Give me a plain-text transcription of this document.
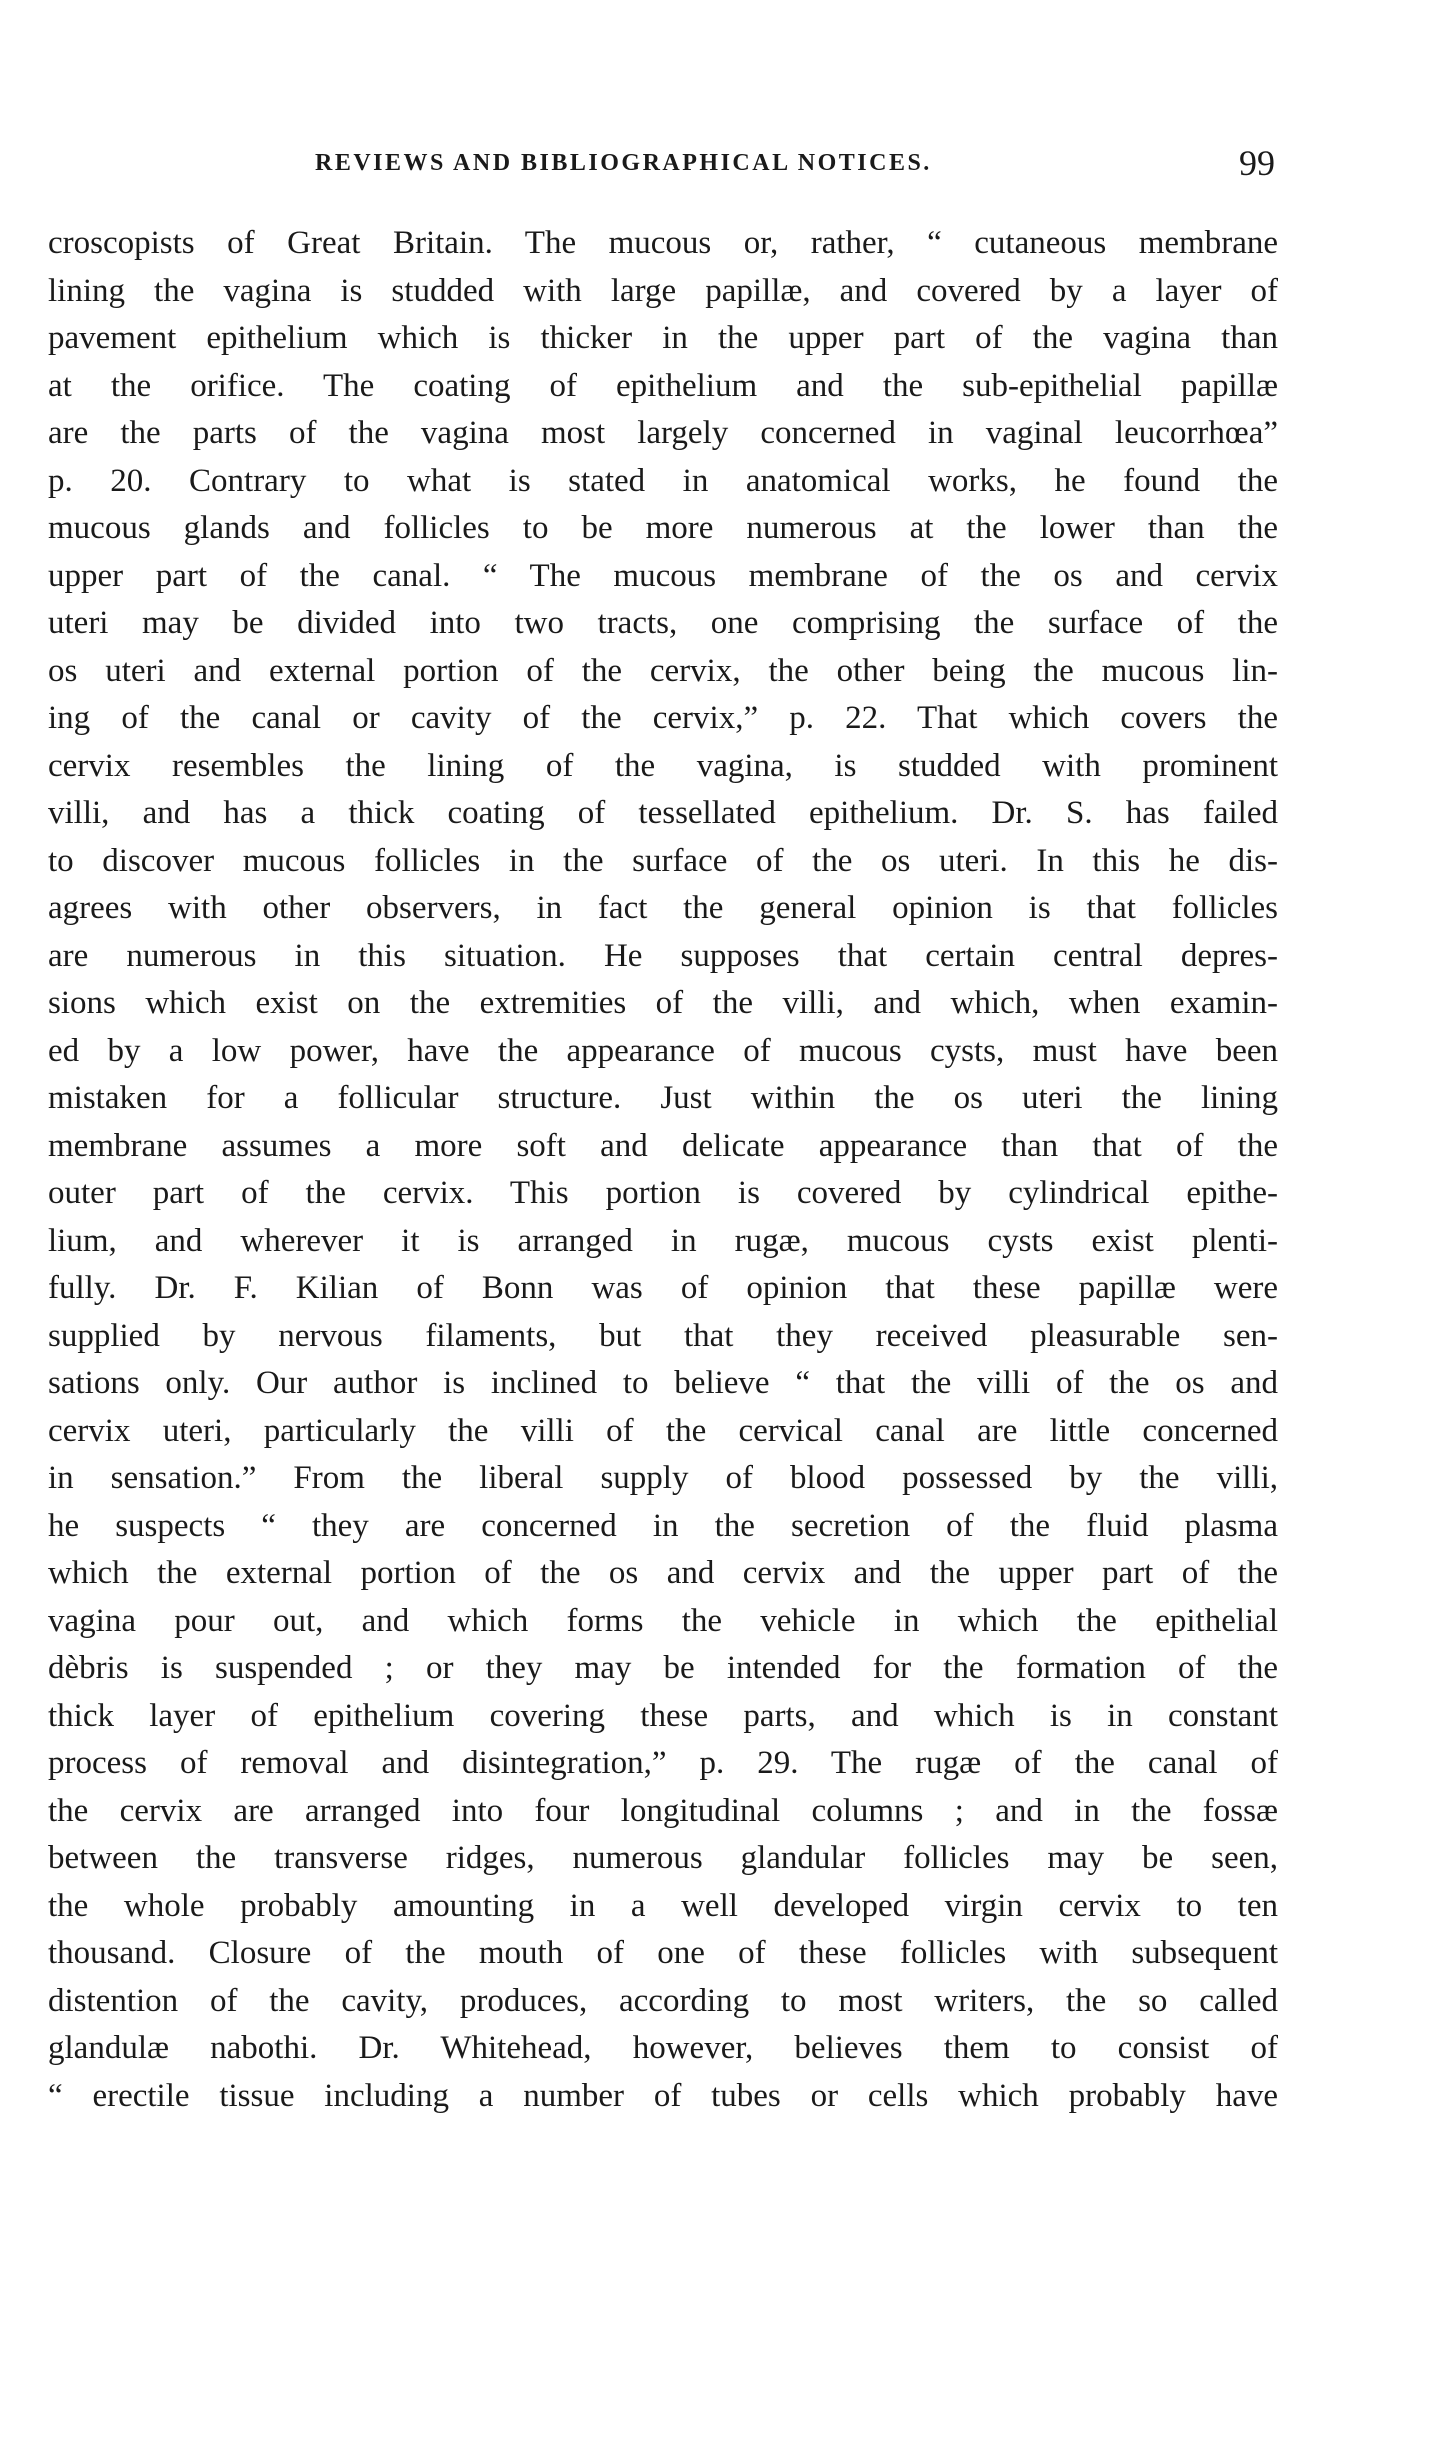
REVIEWS AND BIBLIOGRAPHICAL NOTICES.	99
croscopists of Great Britain. The mucous or, rather, “ cutaneous membrane
lining the vagina is studded with large papillæ, and covered by a layer of
pavement epithelium which is thicker in the upper part of the vagina than
at the orifice. The coating of epithelium and the sub-epithelial papillæ
are the parts of the vagina most largely concerned in vaginal leucorrhœa”
p. 20. Contrary to what is stated in anatomical works, he found the
mucous glands and follicles to be more numerous at the lower than the
upper part of the canal. “ The mucous membrane of the os and cervix
uteri may be divided into two tracts, one comprising the surface of the
os uteri and external portion of the cervix, the other being the mucous lin-
ing of the canal or cavity of the cervix,” p. 22. That which covers the
cervix resembles the lining of the vagina, is studded with prominent
villi, and has a thick coating of tessellated epithelium. Dr. S. has failed
to discover mucous follicles in the surface of the os uteri. In this he dis-
agrees with other observers, in fact the general opinion is that follicles
are numerous in this situation. He supposes that certain central depres-
sions which exist on the extremities of the villi, and which, when examin-
ed by a low power, have the appearance of mucous cysts, must have been
mistaken for a follicular structure. Just within the os uteri the lining
membrane assumes a more soft and delicate appearance than that of the
outer part of the cervix. This portion is covered by cylindrical epithe-
lium, and wherever it is arranged in rugæ, mucous cysts exist plenti-
fully. Dr. F. Kilian of Bonn was of opinion that these papillæ were
supplied by nervous filaments, but that they received pleasurable sen-
sations only. Our author is inclined to believe “ that the villi of the os and
cervix uteri, particularly the villi of the cervical canal are little concerned
in sensation.” From the liberal supply of blood possessed by the villi,
he suspects “ they are concerned in the secretion of the fluid plasma
which the external portion of the os and cervix and the upper part of the
vagina pour out, and which forms the vehicle in which the epithelial
dèbris is suspended ; or they may be intended for the formation of the
thick layer of epithelium covering these parts, and which is in constant
process of removal and disintegration,” p. 29. The rugæ of the canal of
the cervix are arranged into four longitudinal columns ; and in the fossæ
between the transverse ridges, numerous glandular follicles may be seen,
the whole probably amounting in a well developed virgin cervix to ten
thousand. Closure of the mouth of one of these follicles with subsequent
distention of the cavity, produces, according to most writers, the so called
glandulæ nabothi. Dr. Whitehead, however, believes them to consist of
“ erectile tissue including a number of tubes or cells which probably have
